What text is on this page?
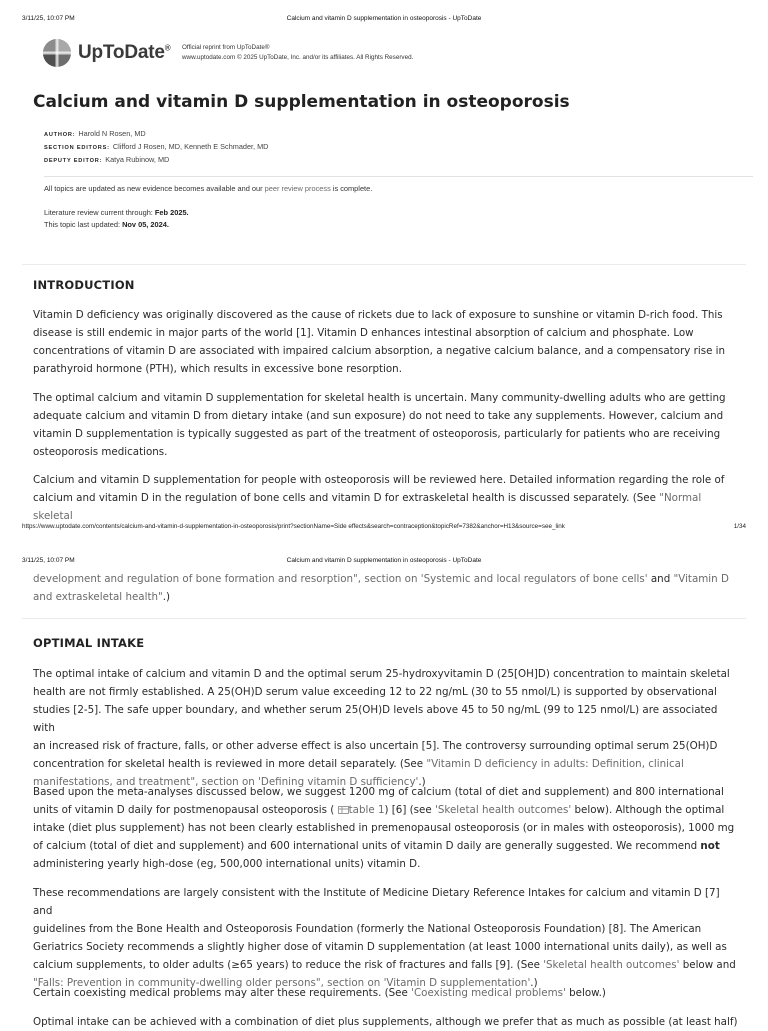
3/11/25, 10:07 PM	Calcium and vitamin D supplementation in osteoporosis - UpToDate
UpToDate® Official reprint from UpToDate®
www.uptodate.com © 2025 UpToDate, Inc. and/or its affiliates. All Rights Reserved.
Calcium and vitamin D supplementation in osteoporosis
AUTHOR: Harold N Rosen, MD
SECTION EDITORS: Clifford J Rosen, MD, Kenneth E Schmader, MD
DEPUTY EDITOR: Katya Rubinow, MD
All topics are updated as new evidence becomes available and our peer review process is complete.
Literature review current through: Feb 2025.
This topic last updated: Nov 05, 2024.
INTRODUCTION
Vitamin D deficiency was originally discovered as the cause of rickets due to lack of exposure to sunshine or vitamin D-rich food. This
disease is still endemic in major parts of the world [1]. Vitamin D enhances intestinal absorption of calcium and phosphate. Low
concentrations of vitamin D are associated with impaired calcium absorption, a negative calcium balance, and a compensatory rise in
parathyroid hormone (PTH), which results in excessive bone resorption.
The optimal calcium and vitamin D supplementation for skeletal health is uncertain. Many community-dwelling adults who are getting
adequate calcium and vitamin D from dietary intake (and sun exposure) do not need to take any supplements. However, calcium and
vitamin D supplementation is typically suggested as part of the treatment of osteoporosis, particularly for patients who are receiving
osteoporosis medications.
Calcium and vitamin D supplementation for people with osteoporosis will be reviewed here. Detailed information regarding the role of
calcium and vitamin D in the regulation of bone cells and vitamin D for extraskeletal health is discussed separately. (See "Normal skeletal
https://www.uptodate.com/contents/calcium-and-vitamin-d-supplementation-in-osteoporosis/print?sectionName=Side effects&search=contraception&topicRef=7382&anchor=H13&source=see_link	1/34
3/11/25, 10:07 PM	Calcium and vitamin D supplementation in osteoporosis - UpToDate
development and regulation of bone formation and resorption", section on 'Systemic and local regulators of bone cells' and "Vitamin D
and extraskeletal health".)
OPTIMAL INTAKE
The optimal intake of calcium and vitamin D and the optimal serum 25-hydroxyvitamin D (25[OH]D) concentration to maintain skeletal
health are not firmly established. A 25(OH)D serum value exceeding 12 to 22 ng/mL (30 to 55 nmol/L) is supported by observational
studies [2-5]. The safe upper boundary, and whether serum 25(OH)D levels above 45 to 50 ng/mL (99 to 125 nmol/L) are associated with
an increased risk of fracture, falls, or other adverse effect is also uncertain [5]. The controversy surrounding optimal serum 25(OH)D
concentration for skeletal health is reviewed in more detail separately. (See "Vitamin D deficiency in adults: Definition, clinical
manifestations, and treatment", section on 'Defining vitamin D sufficiency'.)
Based upon the meta-analyses discussed below, we suggest 1200 mg of calcium (total of diet and supplement) and 800 international
units of vitamin D daily for postmenopausal osteoporosis ( table 1) [6] (see 'Skeletal health outcomes' below). Although the optimal
intake (diet plus supplement) has not been clearly established in premenopausal osteoporosis (or in males with osteoporosis), 1000 mg
of calcium (total of diet and supplement) and 600 international units of vitamin D daily are generally suggested. We recommend not
administering yearly high-dose (eg, 500,000 international units) vitamin D.
These recommendations are largely consistent with the Institute of Medicine Dietary Reference Intakes for calcium and vitamin D [7] and
guidelines from the Bone Health and Osteoporosis Foundation (formerly the National Osteoporosis Foundation) [8]. The American
Geriatrics Society recommends a slightly higher dose of vitamin D supplementation (at least 1000 international units daily), as well as
calcium supplements, to older adults (≥65 years) to reduce the risk of fractures and falls [9]. (See 'Skeletal health outcomes' below and
"Falls: Prevention in community-dwelling older persons", section on 'Vitamin D supplementation'.)
Certain coexisting medical problems may alter these requirements. (See 'Coexisting medical problems' below.)
Optimal intake can be achieved with a combination of diet plus supplements, although we prefer that as much as possible (at least half)
